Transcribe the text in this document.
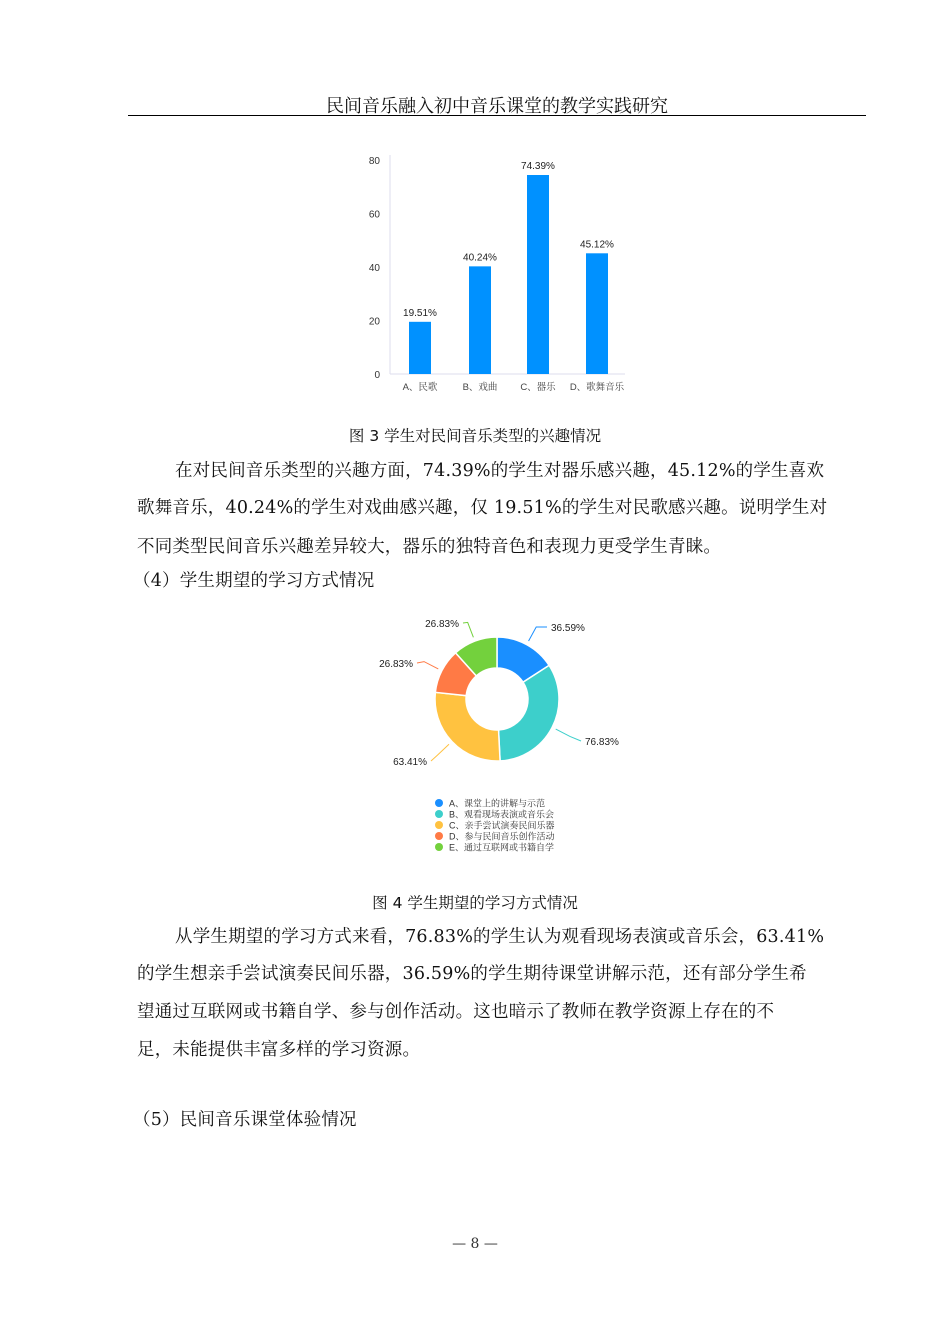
民间音乐融入初中音乐课堂的教学实践研究
0
20
40
60
80
19.51%
A、民歌
40.24%
B、戏曲
74.39%
C、器乐
45.12%
D、歌舞音乐
图 3 学生对民间音乐类型的兴趣情况
在对民间音乐类型的兴趣方面，74.39%的学生对器乐感兴趣，45.12%的学生喜欢
歌舞音乐，40.24%的学生对戏曲感兴趣，仅 19.51%的学生对民歌感兴趣。说明学生对
不同类型民间音乐兴趣差异较大，器乐的独特音色和表现力更受学生青睐。
（4）学生期望的学习方式情况
36.59%
A、课堂上的讲解与示范
76.83%
B、观看现场表演或音乐会
63.41%
C、亲手尝试演奏民间乐器
26.83%
D、参与民间音乐创作活动
26.83%
E、通过互联网或书籍自学
图 4 学生期望的学习方式情况
从学生期望的学习方式来看，76.83%的学生认为观看现场表演或音乐会，63.41%
的学生想亲手尝试演奏民间乐器，36.59%的学生期待课堂讲解示范，还有部分学生希
望通过互联网或书籍自学、参与创作活动。这也暗示了教师在教学资源上存在的不
足，未能提供丰富多样的学习资源。
（5）民间音乐课堂体验情况
— 8 —
